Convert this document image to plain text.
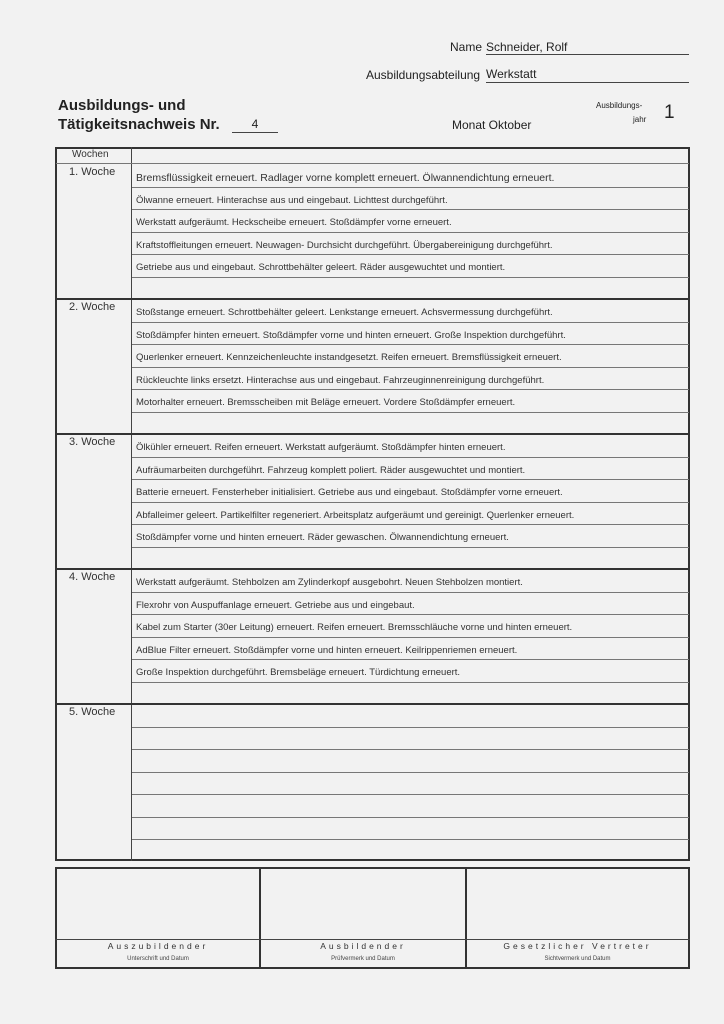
Name Schneider, Rolf
Ausbildungsabteilung Werkstatt
Ausbildungs- und
Tätigkeitsnachweis Nr.	4	Monat Oktober
Ausbildungs-
jahr 1
Wochen
1. Woche Bremsflüssigkeit erneuert. Radlager vorne komplett erneuert. Ölwannendichtung erneuert.
Ölwanne erneuert. Hinterachse aus und eingebaut. Lichttest durchgeführt.
Werkstatt aufgeräumt. Heckscheibe erneuert. Stoßdämpfer vorne erneuert.
Kraftstoffleitungen erneuert. Neuwagen- Durchsicht durchgeführt. Übergabereinigung durchgeführt.
Getriebe aus und eingebaut. Schrottbehälter geleert. Räder ausgewuchtet und montiert.
2. Woche Stoßstange erneuert. Schrottbehälter geleert. Lenkstange erneuert. Achsvermessung durchgeführt.
Stoßdämpfer hinten erneuert. Stoßdämpfer vorne und hinten erneuert. Große Inspektion durchgeführt.
Querlenker erneuert. Kennzeichenleuchte instandgesetzt. Reifen erneuert. Bremsflüssigkeit erneuert.
Rückleuchte links ersetzt. Hinterachse aus und eingebaut. Fahrzeuginnenreinigung durchgeführt.
Motorhalter erneuert. Bremsscheiben mit Beläge erneuert. Vordere Stoßdämpfer erneuert.
3. Woche Ölkühler erneuert. Reifen erneuert. Werkstatt aufgeräumt. Stoßdämpfer hinten erneuert.
Aufräumarbeiten durchgeführt. Fahrzeug komplett poliert. Räder ausgewuchtet und montiert.
Batterie erneuert. Fensterheber initialisiert. Getriebe aus und eingebaut. Stoßdämpfer vorne erneuert.
Abfalleimer geleert. Partikelfilter regeneriert. Arbeitsplatz aufgeräumt und gereinigt. Querlenker erneuert.
Stoßdämpfer vorne und hinten erneuert. Räder gewaschen. Ölwannendichtung erneuert.
4. Woche Werkstatt aufgeräumt. Stehbolzen am Zylinderkopf ausgebohrt. Neuen Stehbolzen montiert.
Flexrohr von Auspuffanlage erneuert. Getriebe aus und eingebaut.
Kabel zum Starter (30er Leitung) erneuert. Reifen erneuert. Bremsschläuche vorne und hinten erneuert.
AdBlue Filter erneuert. Stoßdämpfer vorne und hinten erneuert. Keilrippenriemen erneuert.
Große Inspektion durchgeführt. Bremsbeläge erneuert. Türdichtung erneuert.
5. Woche
Auszubildender
Unterschrift und Datum
Ausbildender
Prüfvermerk und Datum
Gesetzlicher Vertreter
Sichtvermerk und Datum
